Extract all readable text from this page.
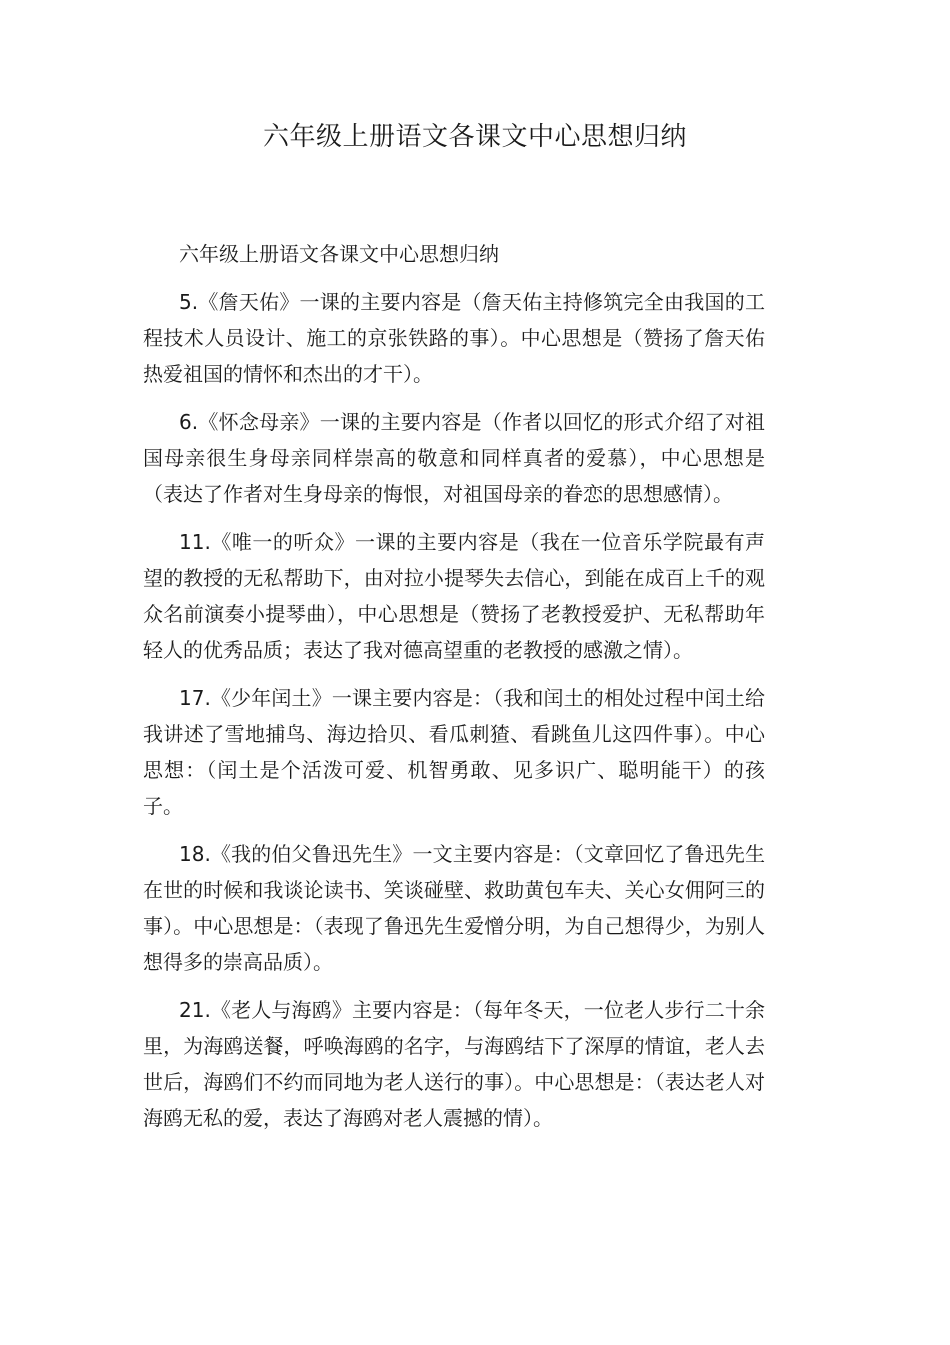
六年级上册语文各课文中心思想归纳

六年级上册语文各课文中心思想归纳

5.《詹天佑》一课的主要内容是（詹天佑主持修筑完全由我国的工程技术人员设计、施工的京张铁路的事）。中心思想是（赞扬了詹天佑热爱祖国的情怀和杰出的才干）。

6.《怀念母亲》一课的主要内容是（作者以回忆的形式介绍了对祖国母亲很生身母亲同样崇高的敬意和同样真者的爱慕），中心思想是（表达了作者对生身母亲的悔恨，对祖国母亲的眷恋的思想感情）。

11.《唯一的听众》一课的主要内容是（我在一位音乐学院最有声望的教授的无私帮助下，由对拉小提琴失去信心，到能在成百上千的观众名前演奏小提琴曲），中心思想是（赞扬了老教授爱护、无私帮助年轻人的优秀品质；表达了我对德高望重的老教授的感激之情）。

17.《少年闰土》一课主要内容是：（我和闰土的相处过程中闰土给我讲述了雪地捕鸟、海边拾贝、看瓜刺猹、看跳鱼儿这四件事）。中心思想：（闰土是个活泼可爱、机智勇敢、见多识广、聪明能干）的孩子。

18.《我的伯父鲁迅先生》一文主要内容是：（文章回忆了鲁迅先生在世的时候和我谈论读书、笑谈碰壁、救助黄包车夫、关心女佣阿三的事）。中心思想是：（表现了鲁迅先生爱憎分明，为自己想得少，为别人想得多的崇高品质）。

21.《老人与海鸥》主要内容是：（每年冬天，一位老人步行二十余里，为海鸥送餐，呼唤海鸥的名字，与海鸥结下了深厚的情谊，老人去世后，海鸥们不约而同地为老人送行的事）。中心思想是：（表达老人对海鸥无私的爱，表达了海鸥对老人震撼的情）。
